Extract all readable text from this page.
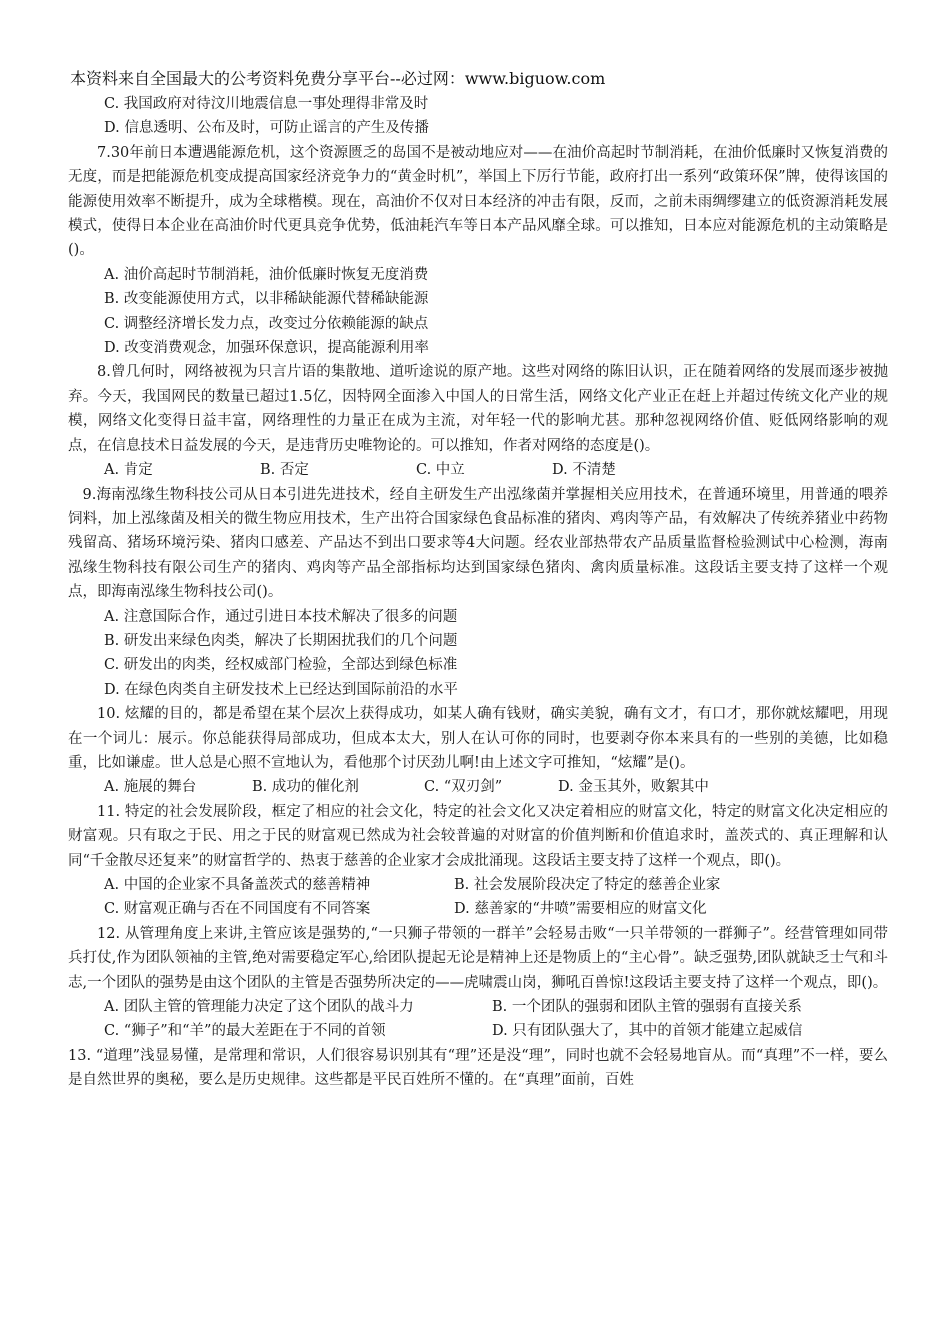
本资料来自全国最大的公考资料免费分享平台--必过网：www.biguow.com
C. 我国政府对待汶川地震信息一事处理得非常及时
D. 信息透明、公布及时，可防止谣言的产生及传播

7.30年前日本遭遇能源危机，这个资源匮乏的岛国不是被动地应对——在油价高起时节制消耗，在油价低廉时又恢复消费的无度，而是把能源危机变成提高国家经济竞争力的“黄金时机”，举国上下厉行节能，政府打出一系列“政策环保”牌，使得该国的能源使用效率不断提升，成为全球楷模。现在，高油价不仅对日本经济的冲击有限，反而，之前未雨绸缪建立的低资源消耗发展模式，使得日本企业在高油价时代更具竞争优势，低油耗汽车等日本产品风靡全球。可以推知，日本应对能源危机的主动策略是()。

A. 油价高起时节制消耗，油价低廉时恢复无度消费
B. 改变能源使用方式，以非稀缺能源代替稀缺能源
C. 调整经济增长发力点，改变过分依赖能源的缺点
D. 改变消费观念，加强环保意识，提高能源利用率

8.曾几何时，网络被视为只言片语的集散地、道听途说的原产地。这些对网络的陈旧认识，正在随着网络的发展而逐步被抛弃。今天，我国网民的数量已超过1.5亿，因特网全面渗入中国人的日常生活，网络文化产业正在赶上并超过传统文化产业的规模，网络文化变得日益丰富，网络理性的力量正在成为主流，对年轻一代的影响尤甚。那种忽视网络价值、贬低网络影响的观点，在信息技术日益发展的今天，是违背历史唯物论的。可以推知，作者对网络的态度是()。

A. 肯定	B. 否定	C. 中立	D. 不清楚

9.海南泓缘生物科技公司从日本引进先进技术，经自主研发生产出泓缘菌并掌握相关应用技术，在普通环境里，用普通的喂养饲料，加上泓缘菌及相关的微生物应用技术，生产出符合国家绿色食品标准的猪肉、鸡肉等产品，有效解决了传统养猪业中药物残留高、猪场环境污染、猪肉口感差、产品达不到出口要求等4大问题。经农业部热带农产品质量监督检验测试中心检测，海南泓缘生物科技有限公司生产的猪肉、鸡肉等产品全部指标均达到国家绿色猪肉、禽肉质量标准。这段话主要支持了这样一个观点，即海南泓缘生物科技公司()。

A. 注意国际合作，通过引进日本技术解决了很多的问题
B. 研发出来绿色肉类，解决了长期困扰我们的几个问题
C. 研发出的肉类，经权威部门检验，全部达到绿色标准
D. 在绿色肉类自主研发技术上已经达到国际前沿的水平

10. 炫耀的目的，都是希望在某个层次上获得成功，如某人确有钱财，确实美貌，确有文才，有口才，那你就炫耀吧，用现在一个词儿：展示。你总能获得局部成功，但成本太大，别人在认可你的同时，也要剥夺你本来具有的一些别的美德，比如稳重，比如谦虚。世人总是心照不宣地认为，看他那个讨厌劲儿啊!由上述文字可推知，“炫耀”是()。

A. 施展的舞台	B. 成功的催化剂	C. “双刃剑”	D. 金玉其外，败絮其中

11. 特定的社会发展阶段，框定了相应的社会文化，特定的社会文化又决定着相应的财富文化，特定的财富文化决定相应的财富观。只有取之于民、用之于民的财富观已然成为社会较普遍的对财富的价值判断和价值追求时，盖茨式的、真正理解和认同“千金散尽还复来”的财富哲学的、热衷于慈善的企业家才会成批涌现。这段话主要支持了这样一个观点，即()。

A. 中国的企业家不具备盖茨式的慈善精神	B. 社会发展阶段决定了特定的慈善企业家
C. 财富观正确与否在不同国度有不同答案	D. 慈善家的“井喷”需要相应的财富文化

12. 从管理角度上来讲,主管应该是强势的,“一只狮子带领的一群羊”会轻易击败“一只羊带领的一群狮子”。经营管理如同带兵打仗,作为团队领袖的主管,绝对需要稳定军心,给团队提起无论是精神上还是物质上的“主心骨”。缺乏强势,团队就缺乏士气和斗志,一个团队的强势是由这个团队的主管是否强势所决定的——虎啸震山岗，狮吼百兽惊!这段话主要支持了这样一个观点，即()。

A. 团队主管的管理能力决定了这个团队的战斗力	B. 一个团队的强弱和团队主管的强弱有直接关系
C. “狮子”和“羊”的最大差距在于不同的首领	D. 只有团队强大了，其中的首领才能建立起威信

13. “道理”浅显易懂，是常理和常识，人们很容易识别其有“理”还是没“理”，同时也就不会轻易地盲从。而“真理”不一样，要么是自然世界的奥秘，要么是历史规律。这些都是平民百姓所不懂的。在“真理”面前，百姓
